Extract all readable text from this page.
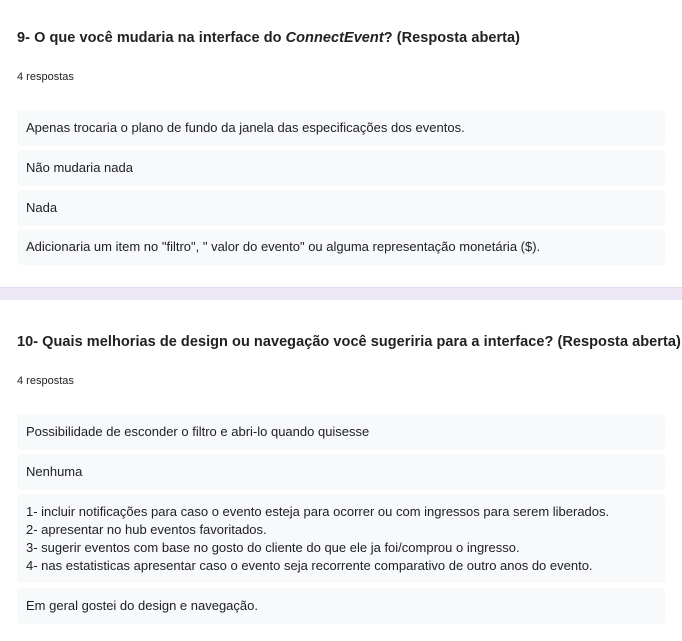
9- O que você mudaria na interface do ConnectEvent? (Resposta aberta)
4 respostas
Apenas trocaria o plano de fundo da janela das especificações dos eventos.
Não mudaria nada
Nada
Adicionaria um item no "filtro", " valor do evento" ou alguma representação monetária ($).
10- Quais melhorias de design ou navegação você sugeriria para a interface? (Resposta aberta)
4 respostas
Possibilidade de esconder o filtro e abri-lo quando quisesse
Nenhuma
1- incluir notificações para caso o evento esteja para ocorrer ou com ingressos para serem liberados.
2- apresentar no hub eventos favoritados.
3- sugerir eventos com base no gosto do cliente do que ele ja foi/comprou o ingresso.
4- nas estatisticas apresentar caso o evento seja recorrente comparativo de outro anos do evento.
Em geral gostei do design e navegação.
